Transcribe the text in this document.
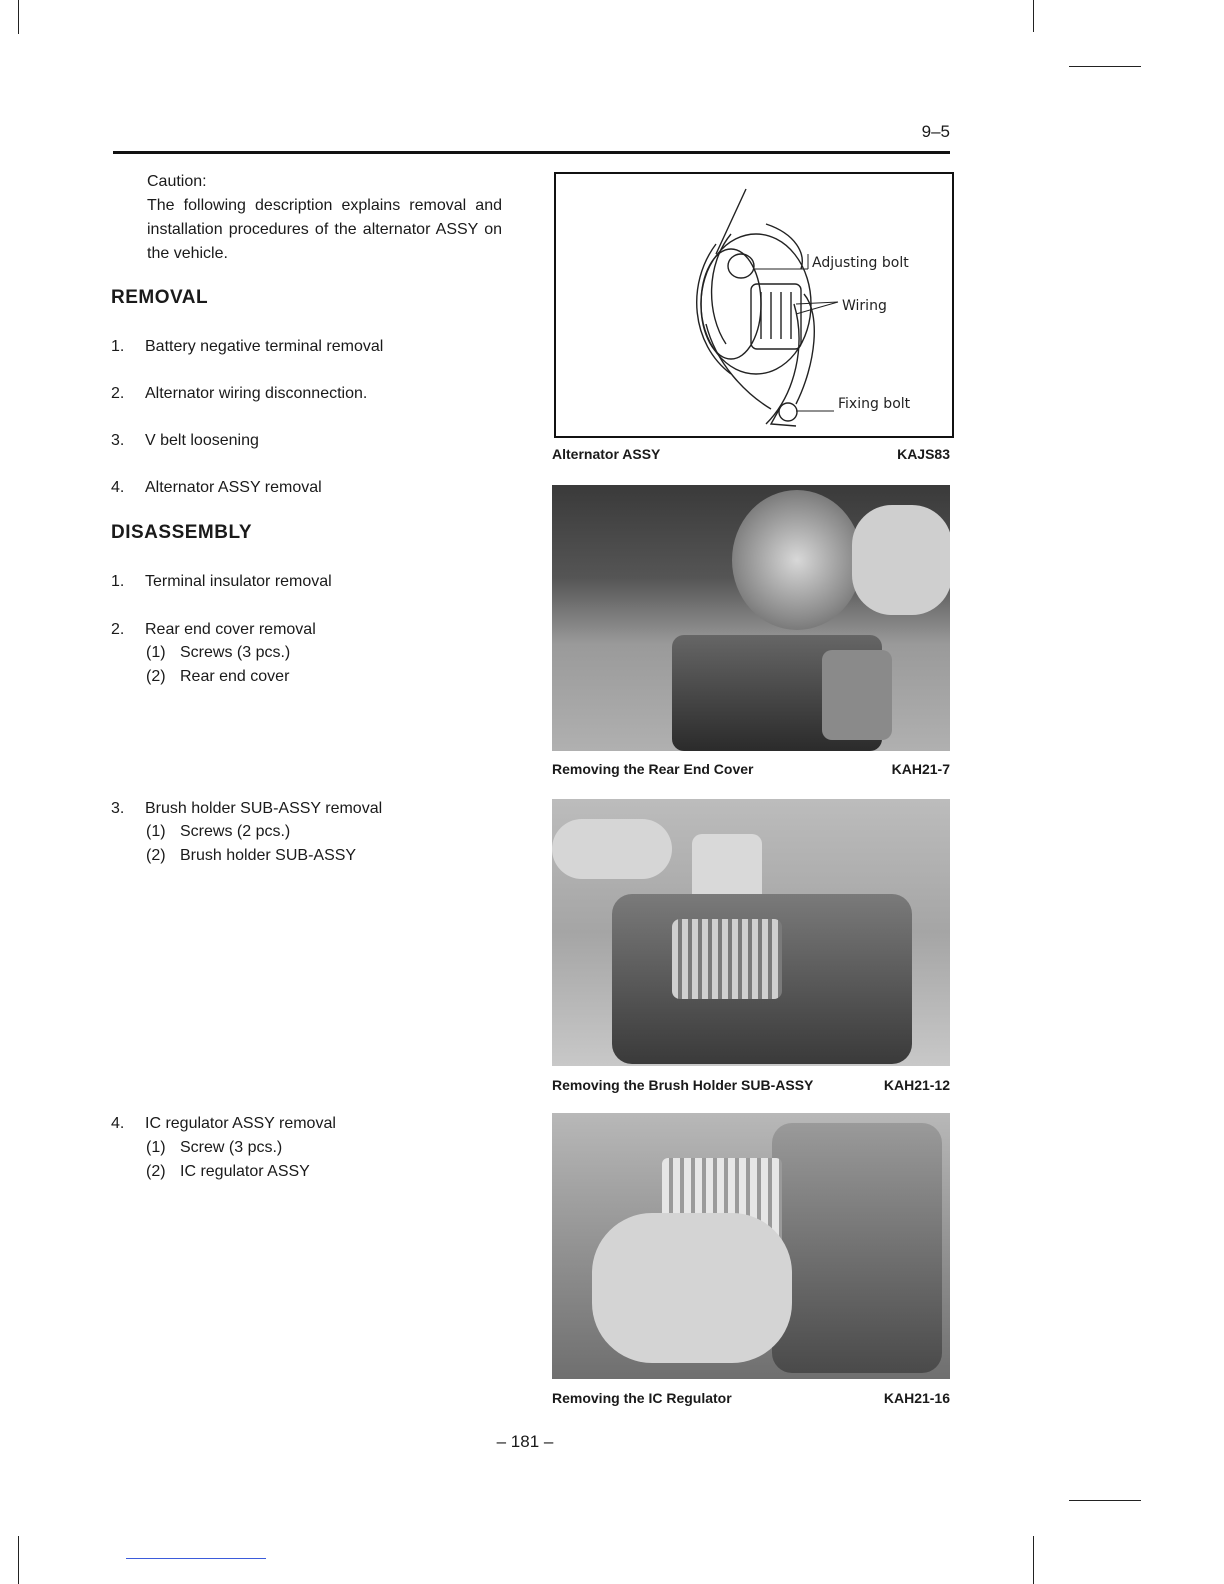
9–5
Caution:
The following description explains removal and installation procedures of the alternator ASSY on the vehicle.
REMOVAL
1. Battery negative terminal removal
2. Alternator wiring disconnection.
3. V belt loosening
4. Alternator ASSY removal
DISASSEMBLY
1. Terminal insulator removal
2. Rear end cover removal
(1) Screws (3 pcs.)
(2) Rear end cover
3. Brush holder SUB-ASSY removal
(1) Screws (2 pcs.)
(2) Brush holder SUB-ASSY
4. IC regulator ASSY removal
(1) Screw (3 pcs.)
(2) IC regulator ASSY
Adjusting bolt
Wiring
Fixing bolt
Alternator ASSY	KAJS83
Removing the Rear End Cover	KAH21-7
Removing the Brush Holder SUB-ASSY	KAH21-12
Removing the IC Regulator	KAH21-16
– 181 –
